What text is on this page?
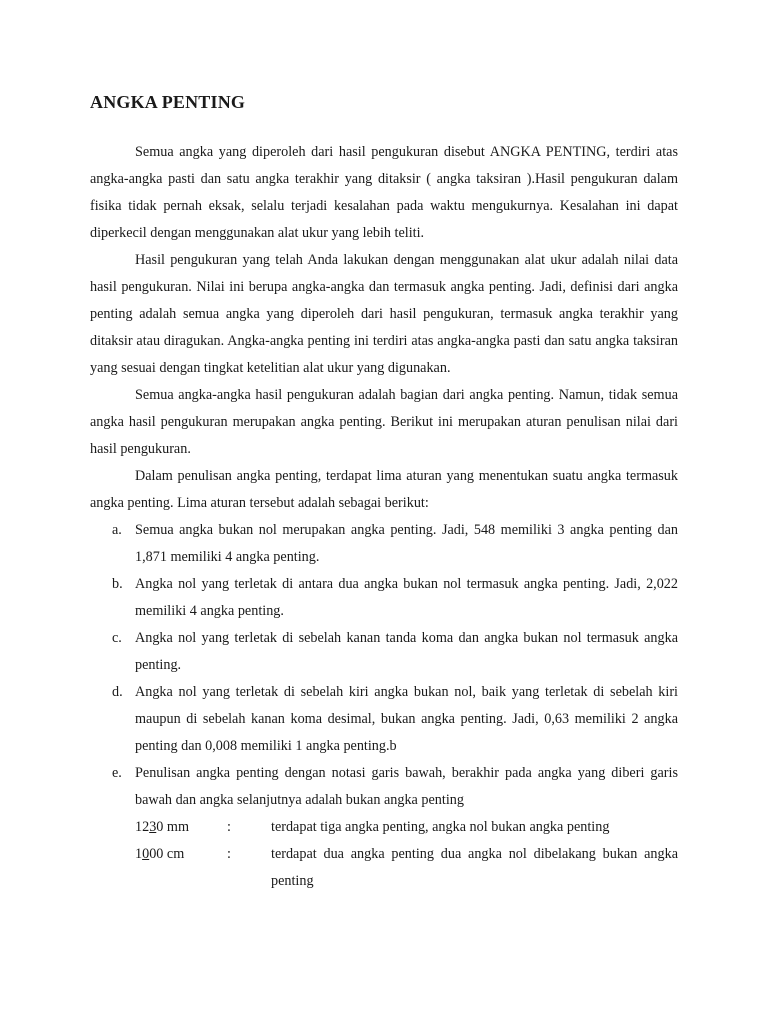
ANGKA PENTING

Semua angka yang diperoleh dari hasil pengukuran disebut ANGKA PENTING, terdiri atas angka-angka pasti dan satu angka terakhir yang ditaksir ( angka taksiran ).Hasil pengukuran dalam fisika tidak pernah eksak, selalu terjadi kesalahan pada waktu mengukurnya. Kesalahan ini dapat diperkecil dengan menggunakan alat ukur yang lebih teliti.

Hasil pengukuran yang telah Anda lakukan dengan menggunakan alat ukur adalah nilai data hasil pengukuran. Nilai ini berupa angka-angka dan termasuk angka penting. Jadi, definisi dari angka penting adalah semua angka yang diperoleh dari hasil pengukuran, termasuk angka terakhir yang ditaksir atau diragukan. Angka-angka penting ini terdiri atas angka-angka pasti dan satu angka taksiran yang sesuai dengan tingkat ketelitian alat ukur yang digunakan.

Semua angka-angka hasil pengukuran adalah bagian dari angka penting. Namun, tidak semua angka hasil pengukuran merupakan angka penting. Berikut ini merupakan aturan penulisan nilai dari hasil pengukuran.

Dalam penulisan angka penting, terdapat lima aturan yang menentukan suatu angka termasuk angka penting. Lima aturan tersebut adalah sebagai berikut:

a. Semua angka bukan nol merupakan angka penting. Jadi, 548 memiliki 3 angka penting dan 1,871 memiliki 4 angka penting.
b. Angka nol yang terletak di antara dua angka bukan nol termasuk angka penting. Jadi, 2,022 memiliki 4 angka penting.
c. Angka nol yang terletak di sebelah kanan tanda koma dan angka bukan nol termasuk angka penting.
d. Angka nol yang terletak di sebelah kiri angka bukan nol, baik yang terletak di sebelah kiri maupun di sebelah kanan koma desimal, bukan angka penting. Jadi, 0,63 memiliki 2 angka penting dan 0,008 memiliki 1 angka penting.b
e. Penulisan angka penting dengan notasi garis bawah, berakhir pada angka yang diberi garis bawah dan angka selanjutnya adalah bukan angka penting
1230 mm	:	terdapat tiga angka penting, angka nol bukan angka penting
1000 cm	:	terdapat dua angka penting dua angka nol dibelakang bukan angka penting
